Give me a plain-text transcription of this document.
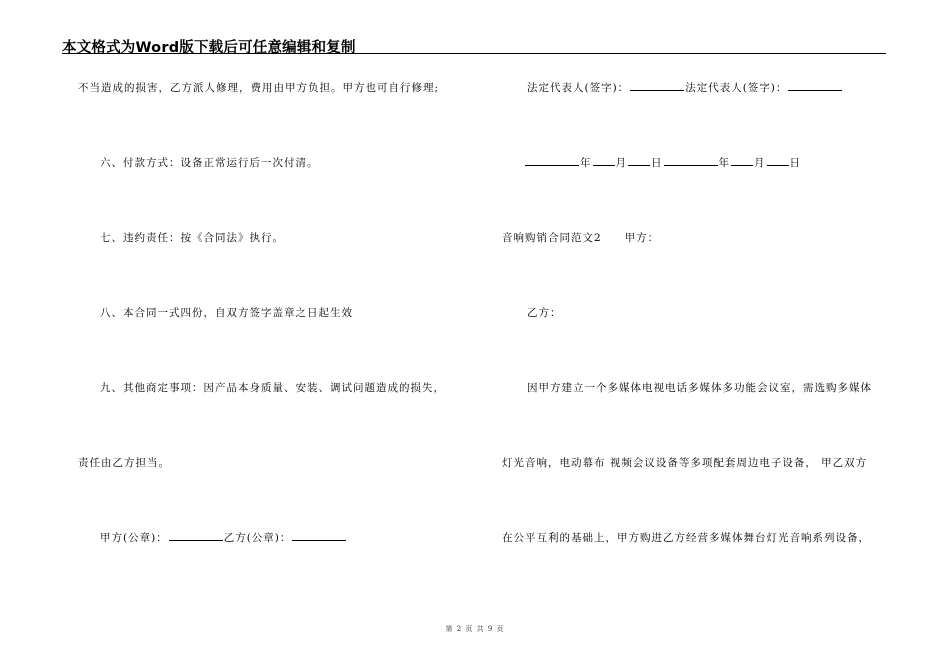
本文格式为Word版下载后可任意编辑和复制
不当造成的损害，乙方派人修理，费用由甲方负担。甲方也可自行修理;
六、付款方式：设备正常运行后一次付清。
七、违约责任：按《合同法》执行。
八、本合同一式四份，自双方签字盖章之日起生效
九、其他商定事项：因产品本身质量、安装、调试问题造成的损失，
责任由乙方担当。
甲方(公章)：	乙方(公章)：
法定代表人(签字)：	法定代表人(签字)：
年 月 日	年 月 日
音响购销合同范文2　　甲方：
乙方：
因甲方建立一个多媒体电视电话多媒体多功能会议室，需选购多媒体
灯光音响，电动幕布 视频会议设备等多项配套周边电子设备， 甲乙双方
在公平互利的基础上，甲方购进乙方经营多媒体舞台灯光音响系列设备，
第 2 页 共 9 页
